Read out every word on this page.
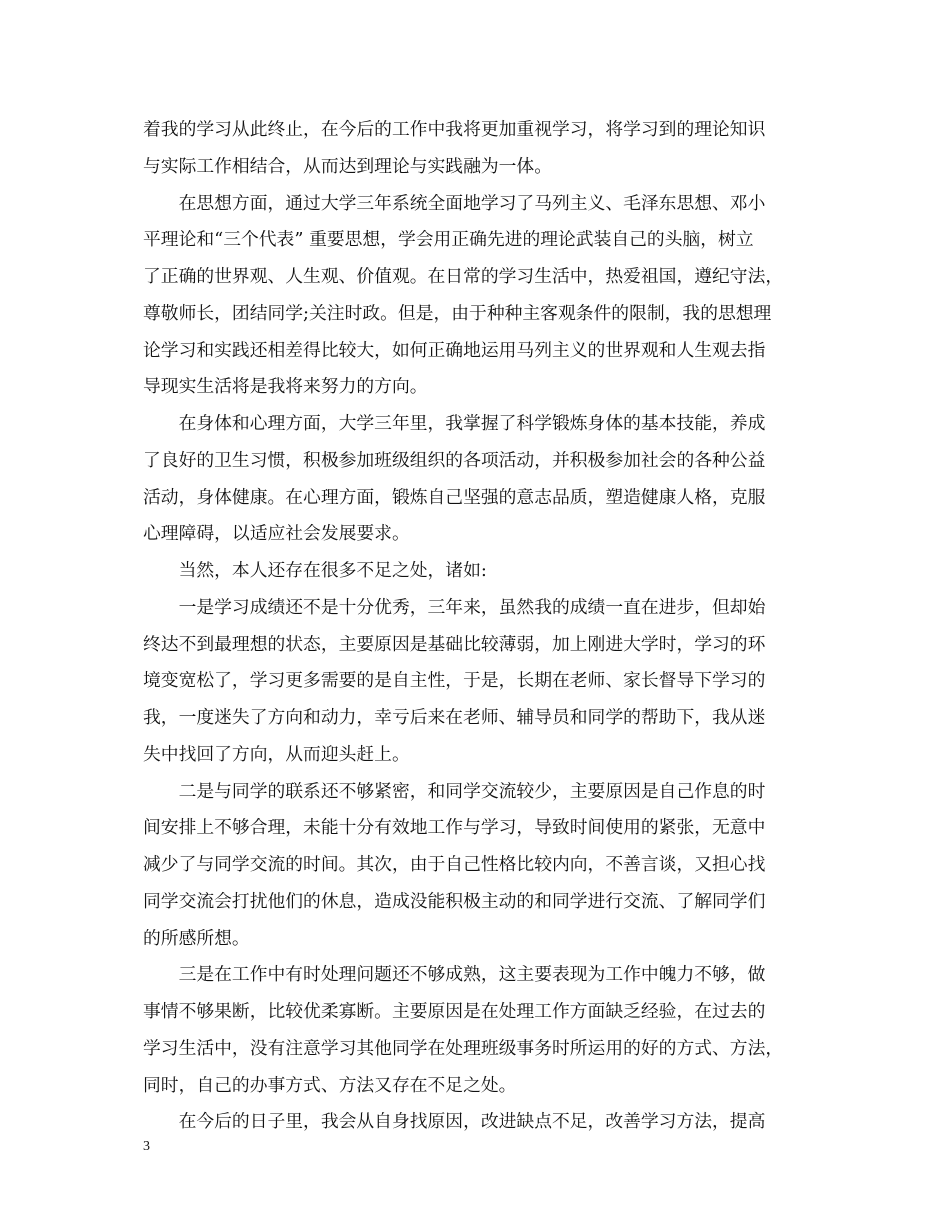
着我的学习从此终止，在今后的工作中我将更加重视学习，将学习到的理论知识
与实际工作相结合，从而达到理论与实践融为一体。
　　在思想方面，通过大学三年系统全面地学习了马列主义、毛泽东思想、邓小
平理论和“三个代表” 重要思想，学会用正确先进的理论武装自己的头脑，树立
了正确的世界观、人生观、价值观。在日常的学习生活中，热爱祖国，遵纪守法，
尊敬师长，团结同学;关注时政。但是，由于种种主客观条件的限制，我的思想理
论学习和实践还相差得比较大，如何正确地运用马列主义的世界观和人生观去指
导现实生活将是我将来努力的方向。
　　在身体和心理方面，大学三年里，我掌握了科学锻炼身体的基本技能，养成
了良好的卫生习惯，积极参加班级组织的各项活动，并积极参加社会的各种公益
活动，身体健康。在心理方面，锻炼自己坚强的意志品质，塑造健康人格，克服
心理障碍，以适应社会发展要求。
　　当然，本人还存在很多不足之处，诸如:
　　一是学习成绩还不是十分优秀，三年来，虽然我的成绩一直在进步，但却始
终达不到最理想的状态，主要原因是基础比较薄弱，加上刚进大学时，学习的环
境变宽松了，学习更多需要的是自主性，于是，长期在老师、家长督导下学习的
我，一度迷失了方向和动力，幸亏后来在老师、辅导员和同学的帮助下，我从迷
失中找回了方向，从而迎头赶上。
　　二是与同学的联系还不够紧密，和同学交流较少，主要原因是自己作息的时
间安排上不够合理，未能十分有效地工作与学习，导致时间使用的紧张，无意中
减少了与同学交流的时间。其次，由于自己性格比较内向，不善言谈，又担心找
同学交流会打扰他们的休息，造成没能积极主动的和同学进行交流、了解同学们
的所感所想。
　　三是在工作中有时处理问题还不够成熟，这主要表现为工作中魄力不够，做
事情不够果断，比较优柔寡断。主要原因是在处理工作方面缺乏经验，在过去的
学习生活中，没有注意学习其他同学在处理班级事务时所运用的好的方式、方法，
同时，自己的办事方式、方法又存在不足之处。
　　在今后的日子里，我会从自身找原因，改进缺点不足，改善学习方法，提高
3
